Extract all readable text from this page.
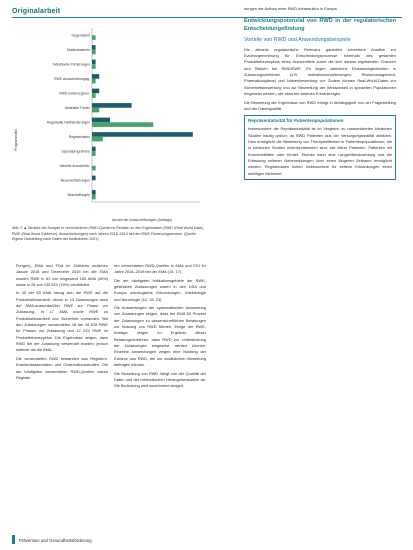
Originalarbeit
Programmatik
Anzahl der Ausschreibungen (Anträge)
Gegenstand
Studienbasierte
Individuelle Förderungen
RWE-Ausschreibungsg.
RWD-Evidenzgener.
Abstrakte Förder
Regelhafte Fallfoerderungen
Registerdaten
Spezialprogramme
Aktuelle Ausschreib.
Neuerschließungen
Beschaffungen
Abb. 2 ▲ Struktur der Analyse in verschiedenen RWD-Quellen in Relation zu den Ergebnissen (RWD (Real World Data), RWE (Real World Evidence), Ausschreibungen) nach Jahren 2018–2019 bei den RWE-Förderprogrammen. (Quelle: Eigene Darstellung nach Daten der Institutionen 2021)

Fungen), EMA und FDA im Zeitraum zwischen Januar 2018 und Dezember 2019 bei der EMA wurden RWE in 63 von insgesamt 185 AMA (40%) sowie in 28 von 135 EDI (15%) identifiziert.

In 45 der 63 AMA bezog sich die RWE auf die Produktwirksamkeit, davon in 23 Zulassungen auch auf AMA-ausschließlich RWE zur Phase vor Zulassung. In 17 AMA wurde RWE zu Produktwirksamkeit und Sicherheit vorhanden. Bei den Zulassungen verwendeten 18 der 28 EDI RWE für Phasen vor Zulassung und 12 EDI RWE im Produktlebenszyklus. Die Ergebnisse zeigen, dass RWD bei der Zulassung verwendet wurden, jedoch seltener als die AMA.

Die verwendeten RWD bestanden aus Registern, Krankenkassendaten und Observationsstudien. Die am häufigsten verwendeten RWD-Quellen waren Register.

ren verwendeten RWD-Quellen in AMA und EDI für Jahre 2018–2019 bei der EMA (15, 17).

Die am häufigsten Indikationsgebiete der RWE-gestützten Zulassungen waren in den USA und Europa onkologische Erkrankungen, Infektiologie und Neurologie (12, 15, 23).

Die Auswertungen der systematischen Auswertung von Zulassungen zeigen, dass bei EMA 63 Prozent der Zulassungen zu wissenschaftlichen Beratungen zur Nutzung von RWD führten. Einige der RWE-Anträge zeigen im Ergebnis dieser Beratungsverfahren, dass RWD zur Unterstützung der Zulassungen eingesetzt werden können. Einzelne Anwendungen zeigen eine Nutzung der Evidenz aus RWD, die zur zusätzlichen Bewertung beitragen können.

Die Bewertung von RWD hängt von der Qualität der Daten und der methodischen Herangehensweise ab. Die Bedeutung wird zunehmend steigen.

dungen der Aufbau einer RWD-Infrastruktur in Europa.

Entwicklungspotenzial von RWD in der regulatorischen Entscheidungsfindung
Vorteile von RWD und Anwendungsbeispiele

Die aktuelle regulatorische Relevanz garantiert erhebliche Ansätze zur Evidenzgenerierung für Entscheidungsprozesse innerhalb des gesamten Produktlebenszyklus eines Arzneimittels sowie die sich daraus ergebenden Chancen und Risiken bei RWD/RWE. Es liegen zahlreiche Einsatzmöglichkeiten in Zulassungsverfahren (z.B. Indikationserweiterungen, Risikomanagement, Pharmakovigilanz) und Nutzenbewertung vor. Zudem können Real-World-Daten zur Sicherheitsbewertung und zur Beurteilung der Wirksamkeit in speziellen Populationen eingesetzt werden, wie etwa bei seltenen Erkrankungen.

Die Bewertung der Ergebnisse von RWD erfolgt in Abhängigkeit von der Fragestellung und der Datenqualität.

Repräsentativität für Patientenpopulationen
Insbesondere die Repräsentativität ist im Vergleich zu randomisierten klinischen Studien häufig größer, da RWD Patienten aus der Versorgungsrealität abbilden. Dies ermöglicht die Bewertung von Therapieeffekten in Patientenpopulationen, die in klinischen Studien unterrepräsentiert sind, wie ältere Patienten, Patienten mit Komorbiditäten oder Kinder. Ebenso kann eine Langzeitbeobachtung und die Erfassung seltener Nebenwirkungen über einen längeren Zeitraum ermöglicht werden. Registerdaten bieten insbesondere für seltene Erkrankungen einen wichtigen Mehrwert.
Prävention und Gesundheitsförderung
